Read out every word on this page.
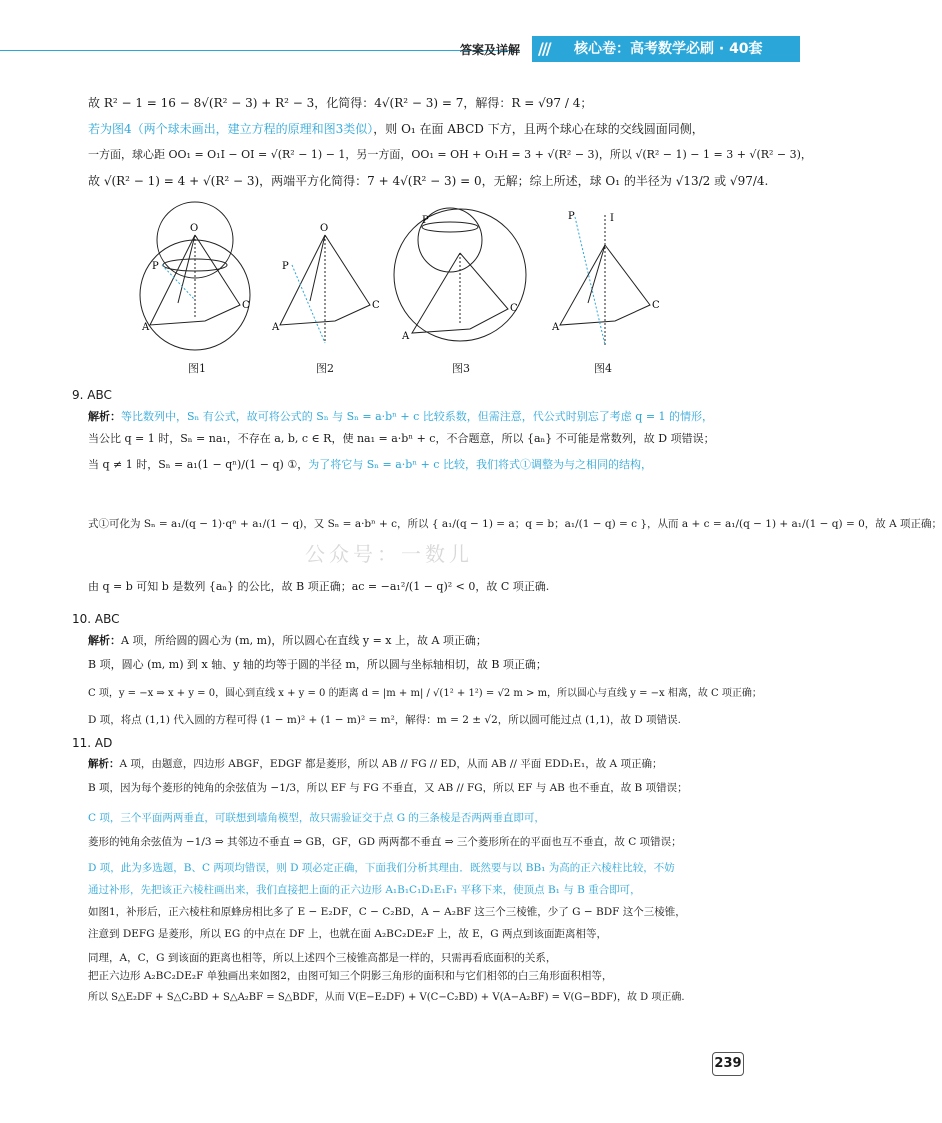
答案及详解 /// 核心卷：高考数学必刷 · 40套
故 R² − 1 = 16 − 8√(R² − 3) + R² − 3，化简得：4√(R² − 3) = 7，解得：R = √97 / 4；
若为图4（两个球未画出，建立方程的原理和图3类似），则 O₁ 在面 ABCD 下方，且两个球心在球的交线圆面同侧，
一方面，球心距 OO₁ = O₁I − OI = √(R² − 1) − 1，另一方面，OO₁ = OH + O₁H = 3 + √(R² − 3)，所以 √(R² − 1) − 1 = 3 + √(R² − 3)，
故 √(R² − 1) = 4 + √(R² − 3)，两端平方化简得：7 + 4√(R² − 3) = 0，无解；综上所述，球 O₁ 的半径为 √13/2 或 √97/4.
O
P
A
C
O
P
A
C
P
A
C
P	I
A
C
图1	图2	图3	图4
9. ABC
解析：等比数列中，Sₙ 有公式，故可将公式的 Sₙ 与 Sₙ = a·bⁿ + c 比较系数，但需注意，代公式时别忘了考虑 q = 1 的情形，
当公比 q = 1 时，Sₙ = na₁，不存在 a, b, c ∈ R，使 na₁ = a·bⁿ + c，不合题意，所以 {aₙ} 不可能是常数列，故 D 项错误；
当 q ≠ 1 时，Sₙ = a₁(1 − qⁿ)/(1 − q) ①，为了将它与 Sₙ = a·bⁿ + c 比较，我们将式①调整为与之相同的结构，
式①可化为 Sₙ = a₁/(q − 1)·qⁿ + a₁/(1 − q)，又 Sₙ = a·bⁿ + c，所以 { a₁/(q − 1) = a；q = b；a₁/(1 − q) = c }，从而 a + c = a₁/(q − 1) + a₁/(1 − q) = 0，故 A 项正确；
公众号：一数儿
由 q = b 可知 b 是数列 {aₙ} 的公比，故 B 项正确；ac = −a₁²/(1 − q)² < 0，故 C 项正确.
10. ABC
解析：A 项，所给圆的圆心为 (m, m)，所以圆心在直线 y = x 上，故 A 项正确；
B 项，圆心 (m, m) 到 x 轴、y 轴的均等于圆的半径 m，所以圆与坐标轴相切，故 B 项正确；
C 项，y = −x ⇒ x + y = 0，圆心到直线 x + y = 0 的距离 d = |m + m| / √(1² + 1²) = √2 m > m，所以圆心与直线 y = −x 相离，故 C 项正确；
D 项，将点 (1,1) 代入圆的方程可得 (1 − m)² + (1 − m)² = m²，解得：m = 2 ± √2，所以圆可能过点 (1,1)，故 D 项错误.
11. AD
解析：A 项，由题意，四边形 ABGF，EDGF 都是菱形，所以 AB // FG // ED，从而 AB // 平面 EDD₁E₁，故 A 项正确；
B 项，因为每个菱形的钝角的余弦值为 −1/3，所以 EF 与 FG 不垂直，又 AB // FG，所以 EF 与 AB 也不垂直，故 B 项错误；
C 项，三个平面两两垂直，可联想到墙角模型，故只需验证交于点 G 的三条棱是否两两垂直即可，
菱形的钝角余弦值为 −1/3 ⇒ 其邻边不垂直 ⇒ GB，GF，GD 两两都不垂直 ⇒ 三个菱形所在的平面也互不垂直，故 C 项错误；
D 项，此为多选题，B、C 两项均错误，则 D 项必定正确，下面我们分析其理由．既然要与以 BB₁ 为高的正六棱柱比较，不妨
通过补形，先把该正六棱柱画出来，我们直接把上面的正六边形 A₁B₁C₁D₁E₁F₁ 平移下来，使顶点 B₁ 与 B 重合即可，
如图1，补形后，正六棱柱和原蜂房相比多了 E − E₂DF，C − C₂BD，A − A₂BF 这三个三棱锥，少了 G − BDF 这个三棱锥，
注意到 DEFG 是菱形，所以 EG 的中点在 DF 上，也就在面 A₂BC₂DE₂F 上，故 E，G 两点到该面距离相等，
同理，A，C，G 到该面的距离也相等，所以上述四个三棱锥高都是一样的，只需再看底面积的关系，
把正六边形 A₂BC₂DE₂F 单独画出来如图2，由图可知三个阴影三角形的面积和与它们相邻的白三角形面积相等，
所以 S△E₂DF + S△C₂BD + S△A₂BF = S△BDF，从而 V(E−E₂DF) + V(C−C₂BD) + V(A−A₂BF) = V(G−BDF)，故 D 项正确.
239
